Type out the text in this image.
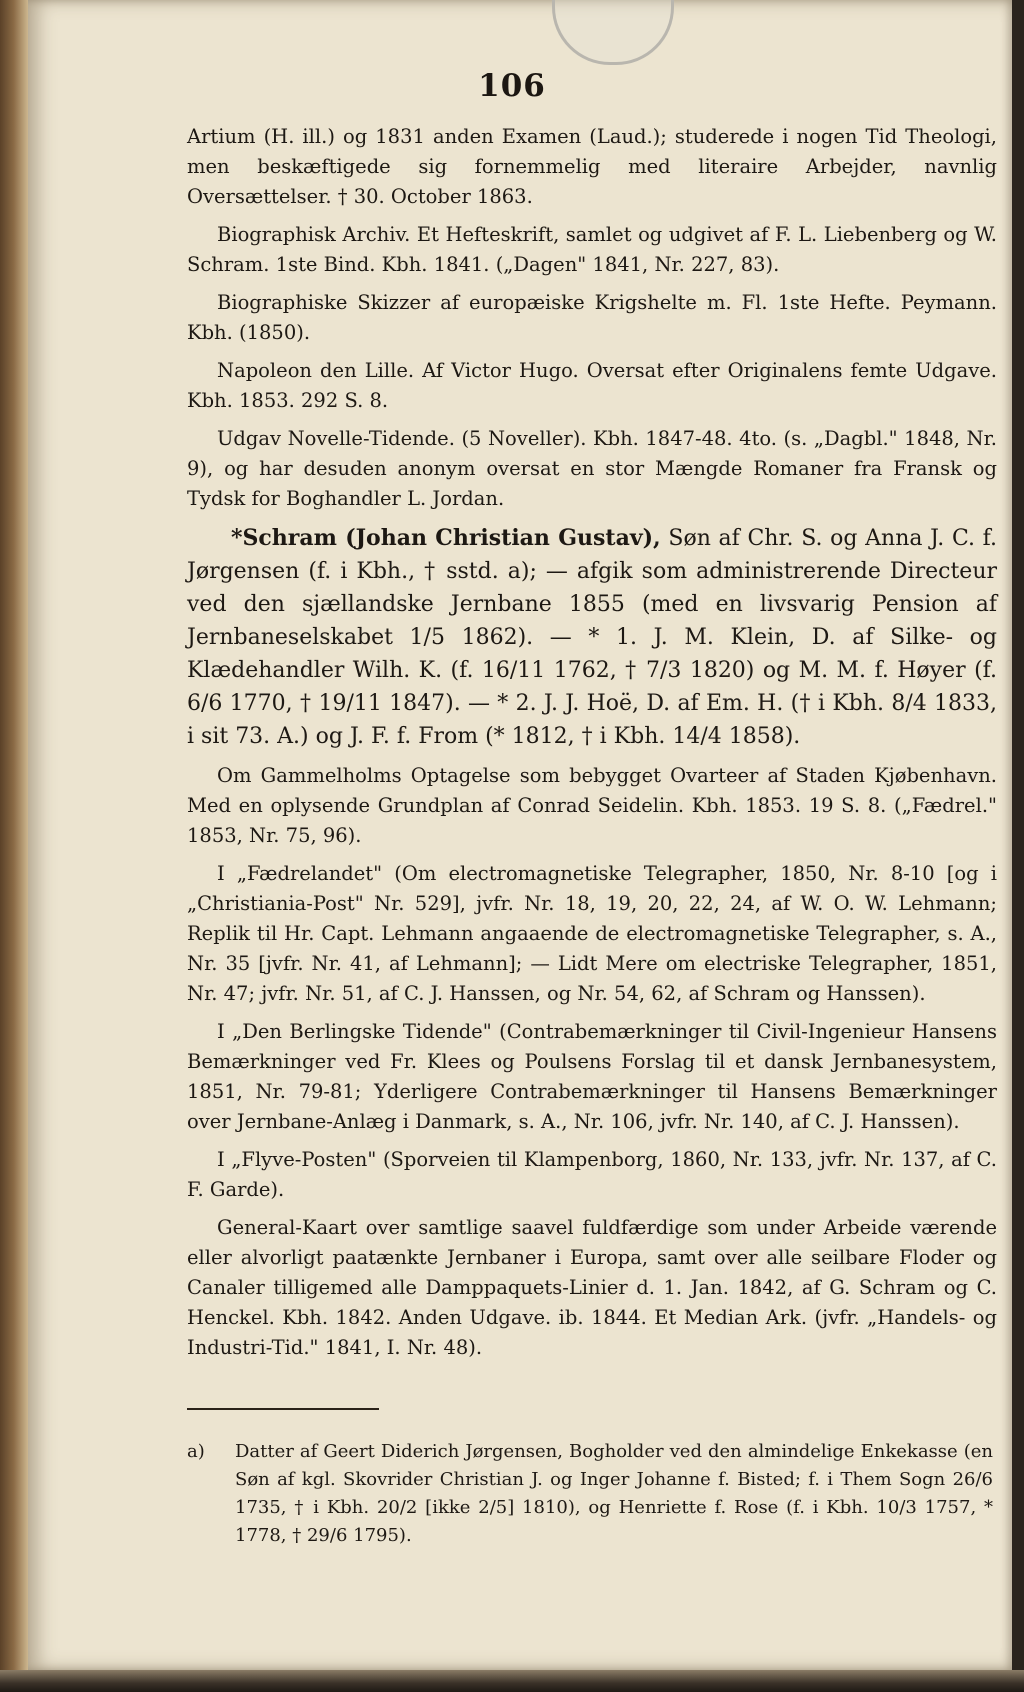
106

Artium (H. ill.) og 1831 anden Examen (Laud.); studerede i nogen Tid Theologi, men beskæftigede sig fornemmelig med literaire Arbejder, navnlig Oversættelser. † 30. October 1863.

Biographisk Archiv. Et Hefteskrift, samlet og udgivet af F. L. Liebenberg og W. Schram. 1ste Bind. Kbh. 1841. („Dagen" 1841, Nr. 227, 83).

Biographiske Skizzer af europæiske Krigshelte m. Fl. 1ste Hefte. Peymann. Kbh. (1850).

Napoleon den Lille. Af Victor Hugo. Oversat efter Originalens femte Udgave. Kbh. 1853. 292 S. 8.

Udgav Novelle-Tidende. (5 Noveller). Kbh. 1847-48. 4to. (s. „Dagbl." 1848, Nr. 9), og har desuden anonym oversat en stor Mængde Romaner fra Fransk og Tydsk for Boghandler L. Jordan.

*Schram (Johan Christian Gustav), Søn af Chr. S. og Anna J. C. f. Jørgensen (f. i Kbh., † sstd. a); — afgik som administrerende Directeur ved den sjællandske Jernbane 1855 (med en livsvarig Pension af Jernbaneselskabet 1/5 1862). — * 1. J. M. Klein, D. af Silke- og Klædehandler Wilh. K. (f. 16/11 1762, † 7/3 1820) og M. M. f. Høyer (f. 6/6 1770, † 19/11 1847). — * 2. J. J. Hoë, D. af Em. H. († i Kbh. 8/4 1833, i sit 73. A.) og J. F. f. From (* 1812, † i Kbh. 14/4 1858).

Om Gammelholms Optagelse som bebygget Ovarteer af Staden Kjøbenhavn. Med en oplysende Grundplan af Conrad Seidelin. Kbh. 1853. 19 S. 8. („Fædrel." 1853, Nr. 75, 96).

I „Fædrelandet" (Om electromagnetiske Telegrapher, 1850, Nr. 8-10 [og i „Christiania-Post" Nr. 529], jvfr. Nr. 18, 19, 20, 22, 24, af W. O. W. Lehmann; Replik til Hr. Capt. Lehmann angaaende de electromagnetiske Telegrapher, s. A., Nr. 35 [jvfr. Nr. 41, af Lehmann]; — Lidt Mere om electriske Telegrapher, 1851, Nr. 47; jvfr. Nr. 51, af C. J. Hanssen, og Nr. 54, 62, af Schram og Hanssen).

I „Den Berlingske Tidende" (Contrabemærkninger til Civil-Ingenieur Hansens Bemærkninger ved Fr. Klees og Poulsens Forslag til et dansk Jernbanesystem, 1851, Nr. 79-81; Yderligere Contrabemærkninger til Hansens Bemærkninger over Jernbane-Anlæg i Danmark, s. A., Nr. 106, jvfr. Nr. 140, af C. J. Hanssen).

I „Flyve-Posten" (Sporveien til Klampenborg, 1860, Nr. 133, jvfr. Nr. 137, af C. F. Garde).

General-Kaart over samtlige saavel fuldfærdige som under Arbeide værende eller alvorligt paatænkte Jernbaner i Europa, samt over alle seilbare Floder og Canaler tilligemed alle Damppaquets-Linier d. 1. Jan. 1842, af G. Schram og C. Henckel. Kbh. 1842. Anden Udgave. ib. 1844. Et Median Ark. (jvfr. „Handels- og Industri-Tid." 1841, I. Nr. 48).

a)	Datter af Geert Diderich Jørgensen, Bogholder ved den almindelige Enkekasse (en Søn af kgl. Skovrider Christian J. og Inger Johanne f. Bisted; f. i Them Sogn 26/6 1735, † i Kbh. 20/2 [ikke 2/5] 1810), og Henriette f. Rose (f. i Kbh. 10/3 1757, * 1778, † 29/6 1795).
